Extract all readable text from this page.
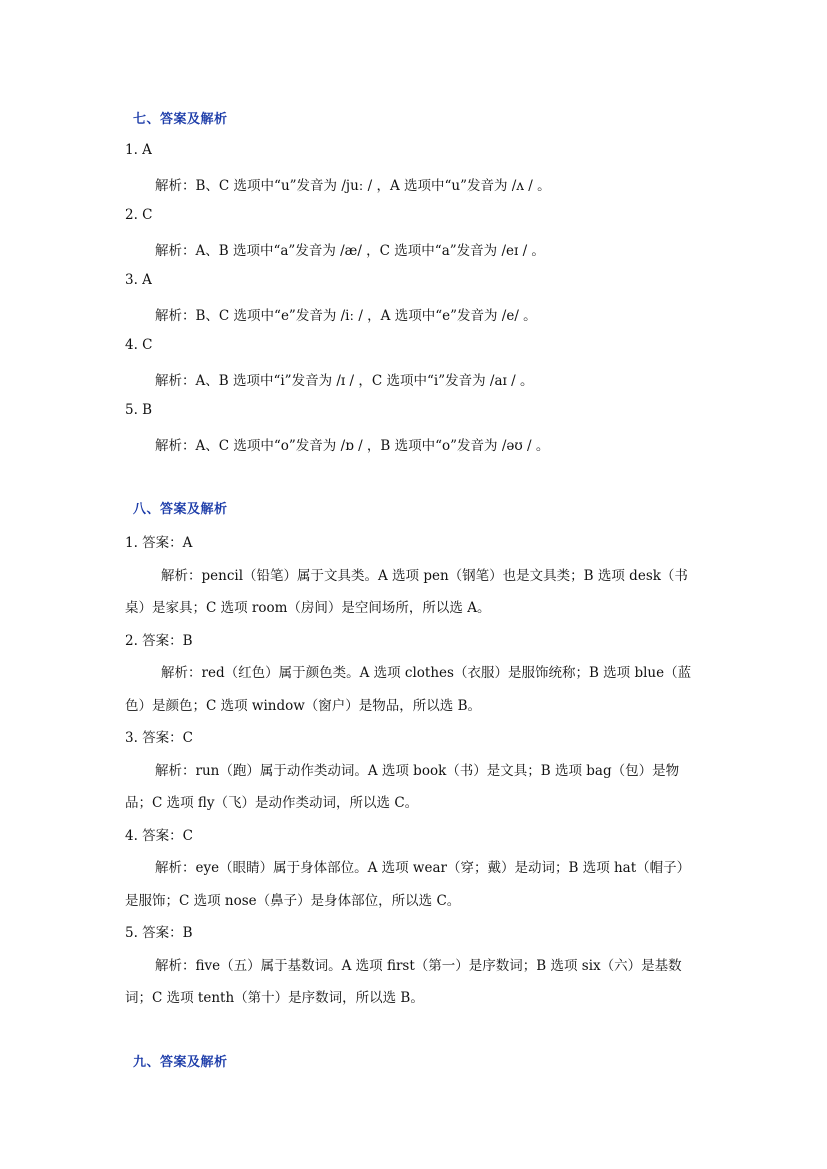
七、答案及解析
1. A
解析：B、C 选项中“u”发音为 /juː / ，A 选项中“u”发音为 /ʌ / 。
2. C
解析：A、B 选项中“a”发音为 /æ/ ，C 选项中“a”发音为 /eɪ / 。
3. A
解析：B、C 选项中“e”发音为 /iː / ，A 选项中“e”发音为 /e/ 。
4. C
解析：A、B 选项中“i”发音为 /ɪ / ，C 选项中“i”发音为 /aɪ / 。
5. B
解析：A、C 选项中“o”发音为 /ɒ / ，B 选项中“o”发音为 /əʊ / 。
八、答案及解析
1. 答案：A
解析：pencil（铅笔）属于文具类。A 选项 pen（钢笔）也是文具类；B 选项 desk（书
桌）是家具；C 选项 room（房间）是空间场所，所以选 A。
2. 答案：B
解析：red（红色）属于颜色类。A 选项 clothes（衣服）是服饰统称；B 选项 blue（蓝
色）是颜色；C 选项 window（窗户）是物品，所以选 B。
3. 答案：C
解析：run（跑）属于动作类动词。A 选项 book（书）是文具；B 选项 bag（包）是物
品；C 选项 fly（飞）是动作类动词，所以选 C。
4. 答案：C
解析：eye（眼睛）属于身体部位。A 选项 wear（穿；戴）是动词；B 选项 hat（帽子）
是服饰；C 选项 nose（鼻子）是身体部位，所以选 C。
5. 答案：B
解析：five（五）属于基数词。A 选项 first（第一）是序数词；B 选项 six（六）是基数
词；C 选项 tenth（第十）是序数词，所以选 B。
九、答案及解析
